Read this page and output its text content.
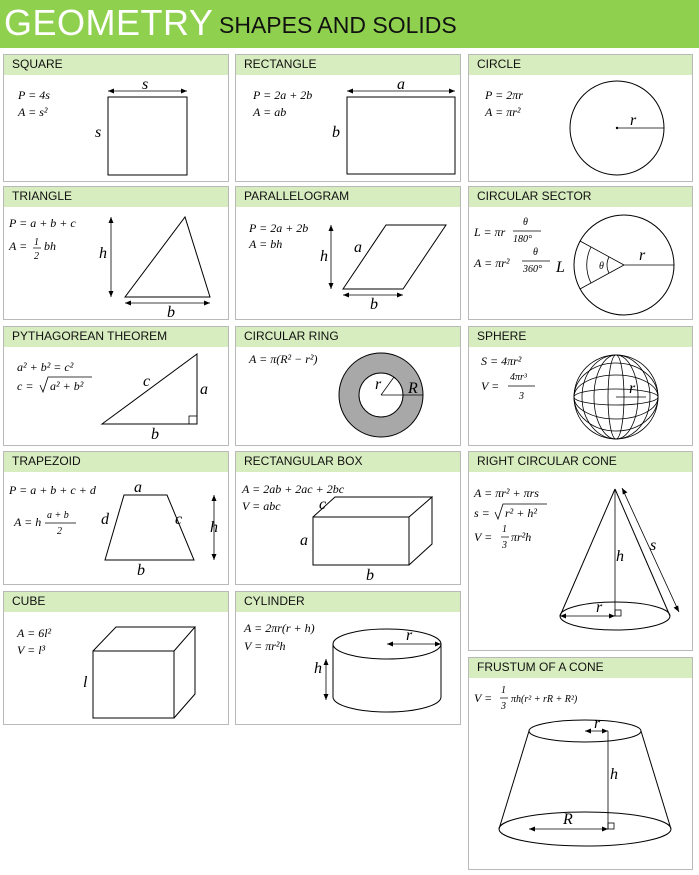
GEOMETRY SHAPES AND SOLIDS
SQUARE
P = 4s
A = s²
s
s
RECTANGLE
P = 2a + 2b
A = ab
a
b
CIRCLE
P = 2πr
A = πr²	r
TRIANGLE
P = a + b + c
A = 1
2
bh	h
b
PARALLELOGRAM
P = 2a + 2b
A = bh	a
h
b
CIRCULAR SECTOR
L = πr
θ
180°
A = πr²
θ
360° L	θ
r
PYTHAGOREAN THEOREM
a² + b² = c²
c = a² + b²	c	a
b
CIRCULAR RING
A = π(R² − r²)
r R
SPHERE
S = 4πr²
V =
4πr³
3	r
TRAPEZOID
P = a + b + c + d
A = h a + b
2
a
d	c h
b
RECTANGULAR BOX
A = 2ab + 2ac + 2bc
V = abc c
a
b
RIGHT CIRCULAR CONE
A = πr² + πrs
s = r² + h²
V =
1
3
πr²h
h
s
r
CUBE
A = 6l²
V = l³
l
CYLINDER
A = 2πr(r + h)
V = πr²h
r
h	FRUSTUM OF A CONE
V =
1
3
πh(r² + rR + R²)
r
h
R
